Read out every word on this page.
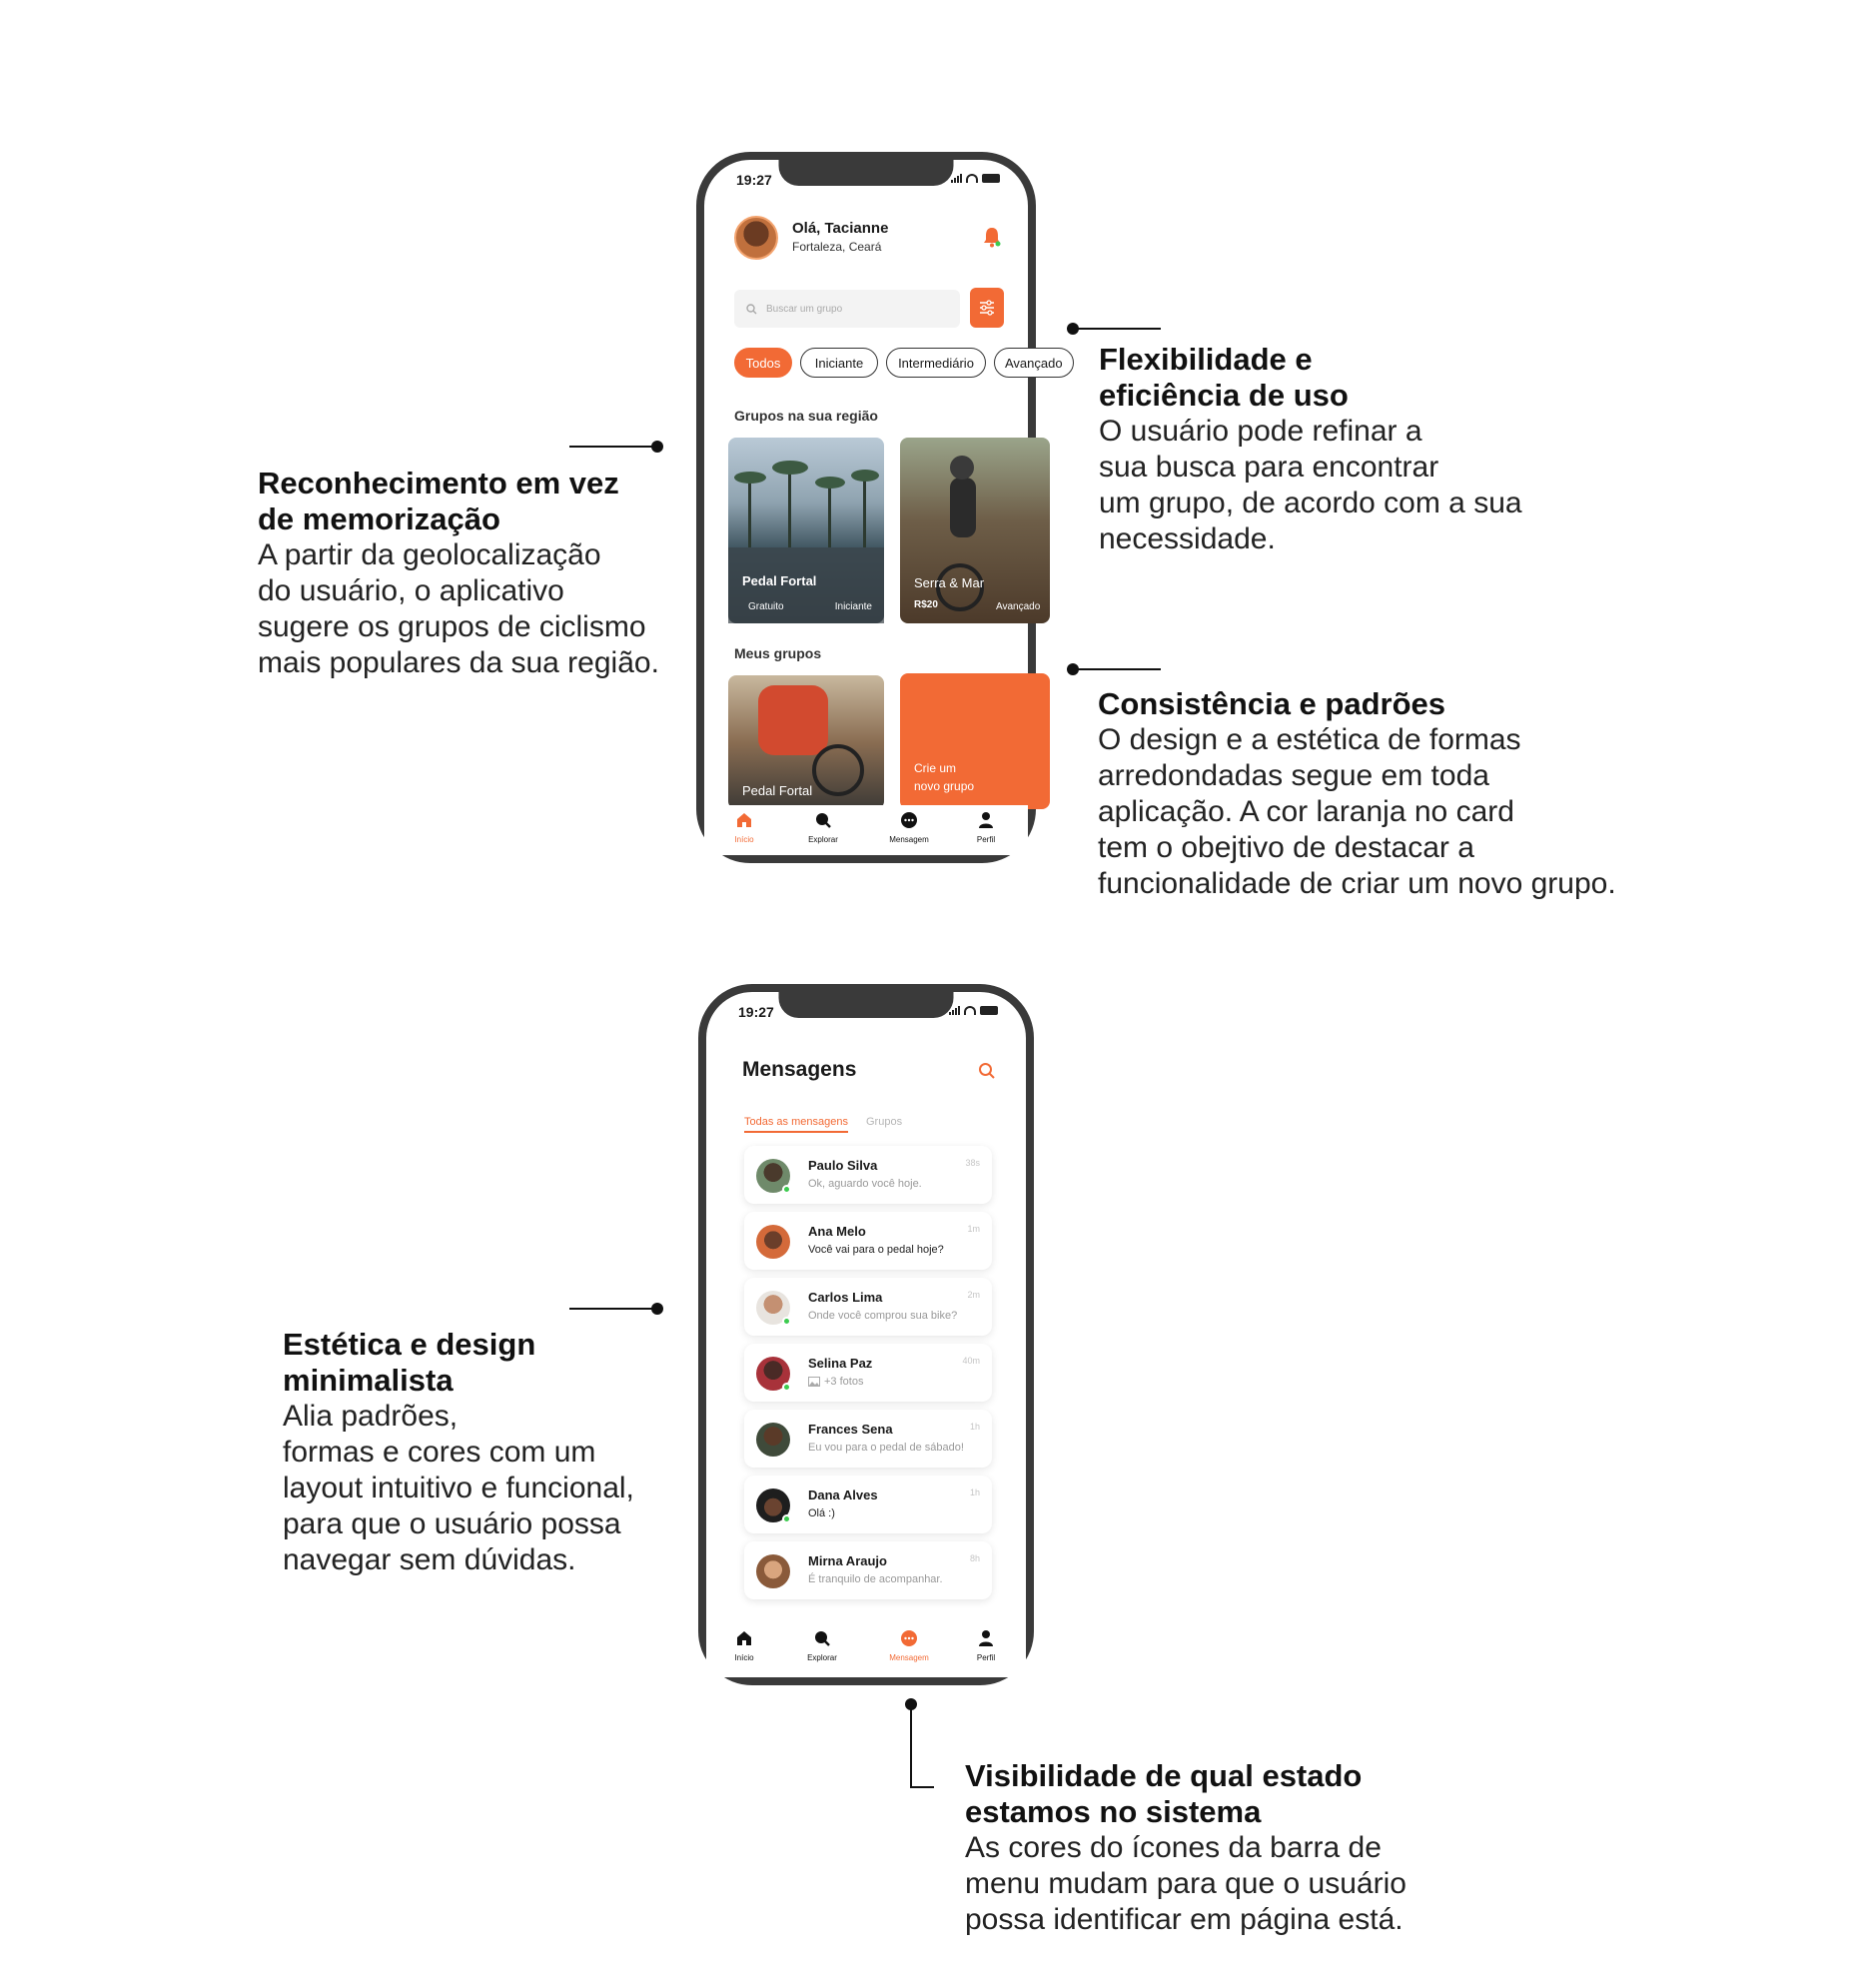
Reconhecimento em vez
de memorização

A partir da geolocalização

do usuário, o aplicativo

sugere os grupos de ciclismo

mais populares da sua região.

Flexibilidade e
eficiência de uso

O usuário pode refinar a

sua busca para encontrar

um grupo, de acordo com a sua

necessidade.

Consistência e padrões

O design e a estética de formas

arredondadas segue em toda

aplicação. A cor laranja no card

tem o obejtivo de destacar a

funcionalidade de criar um novo grupo.

Estética e design
minimalista

Alia padrões,

formas e cores com um

layout intuitivo e funcional,

para que o usuário possa

navegar sem dúvidas.

Visibilidade de qual estado
estamos no sistema

As cores do ícones da barra de

menu mudam para que o usuário

possa identificar em página está.

19:27
Olá, Tacianne
Fortaleza, Ceará
Buscar um grupo
Todos	Iniciante	Intermediário	Avançado
Grupos na sua região
Pedal Fortal
Gratuito	Iniciante
Serra & Mar
R$20	Avançado
Meus grupos
Pedal Fortal
Crie um
novo grupo
Início	Explorar	Mensagem	Perfil
19:27
Mensagens
Todas as mensagens Grupos
Paulo Silva
Ok, aguardo você hoje.
38s
Ana Melo
Você vai para o pedal hoje?
1m
Carlos Lima
Onde você comprou sua bike?
2m
Selina Paz
+3 fotos
40m
Frances Sena
Eu vou para o pedal de sábado!
1h
Dana Alves
Olá :)
1h
Mirna Araujo
É tranquilo de acompanhar.
8h
Início	Explorar	Mensagem	Perfil
